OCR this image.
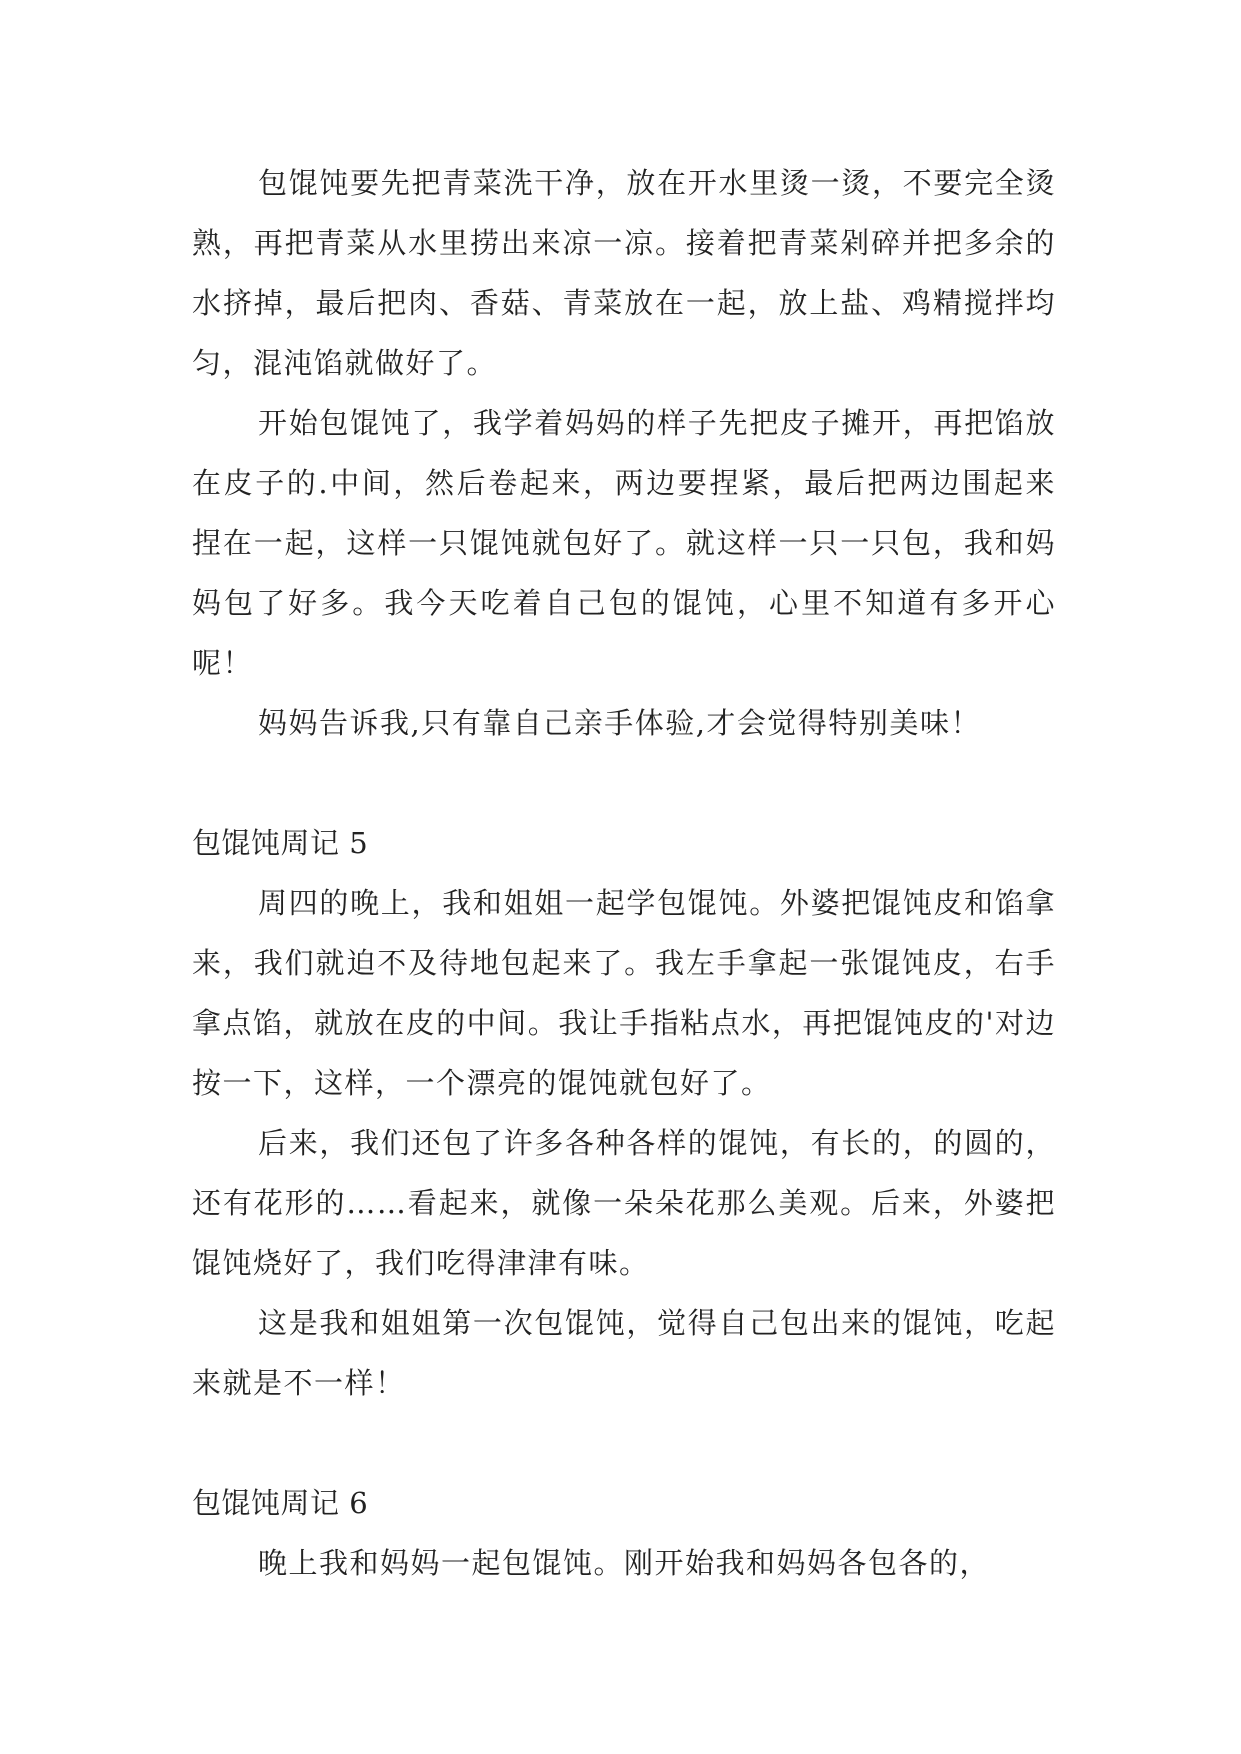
包馄饨要先把青菜洗干净，放在开水里烫一烫，不要完全烫熟，再把青菜从水里捞出来凉一凉。接着把青菜剁碎并把多余的水挤掉，最后把肉、香菇、青菜放在一起，放上盐、鸡精搅拌均匀，混沌馅就做好了。

开始包馄饨了，我学着妈妈的样子先把皮子摊开，再把馅放在皮子的.中间，然后卷起来，两边要捏紧，最后把两边围起来捏在一起，这样一只馄饨就包好了。就这样一只一只包，我和妈妈包了好多。我今天吃着自己包的馄饨，心里不知道有多开心呢！

妈妈告诉我,只有靠自己亲手体验,才会觉得特别美味！

包馄饨周记 5

周四的晚上，我和姐姐一起学包馄饨。外婆把馄饨皮和馅拿来，我们就迫不及待地包起来了。我左手拿起一张馄饨皮，右手拿点馅，就放在皮的中间。我让手指粘点水，再把馄饨皮的'对边按一下，这样，一个漂亮的馄饨就包好了。

后来，我们还包了许多各种各样的馄饨，有长的，的圆的，还有花形的……看起来，就像一朵朵花那么美观。后来，外婆把馄饨烧好了，我们吃得津津有味。

这是我和姐姐第一次包馄饨，觉得自己包出来的馄饨，吃起来就是不一样！

包馄饨周记 6

晚上我和妈妈一起包馄饨。刚开始我和妈妈各包各的，
